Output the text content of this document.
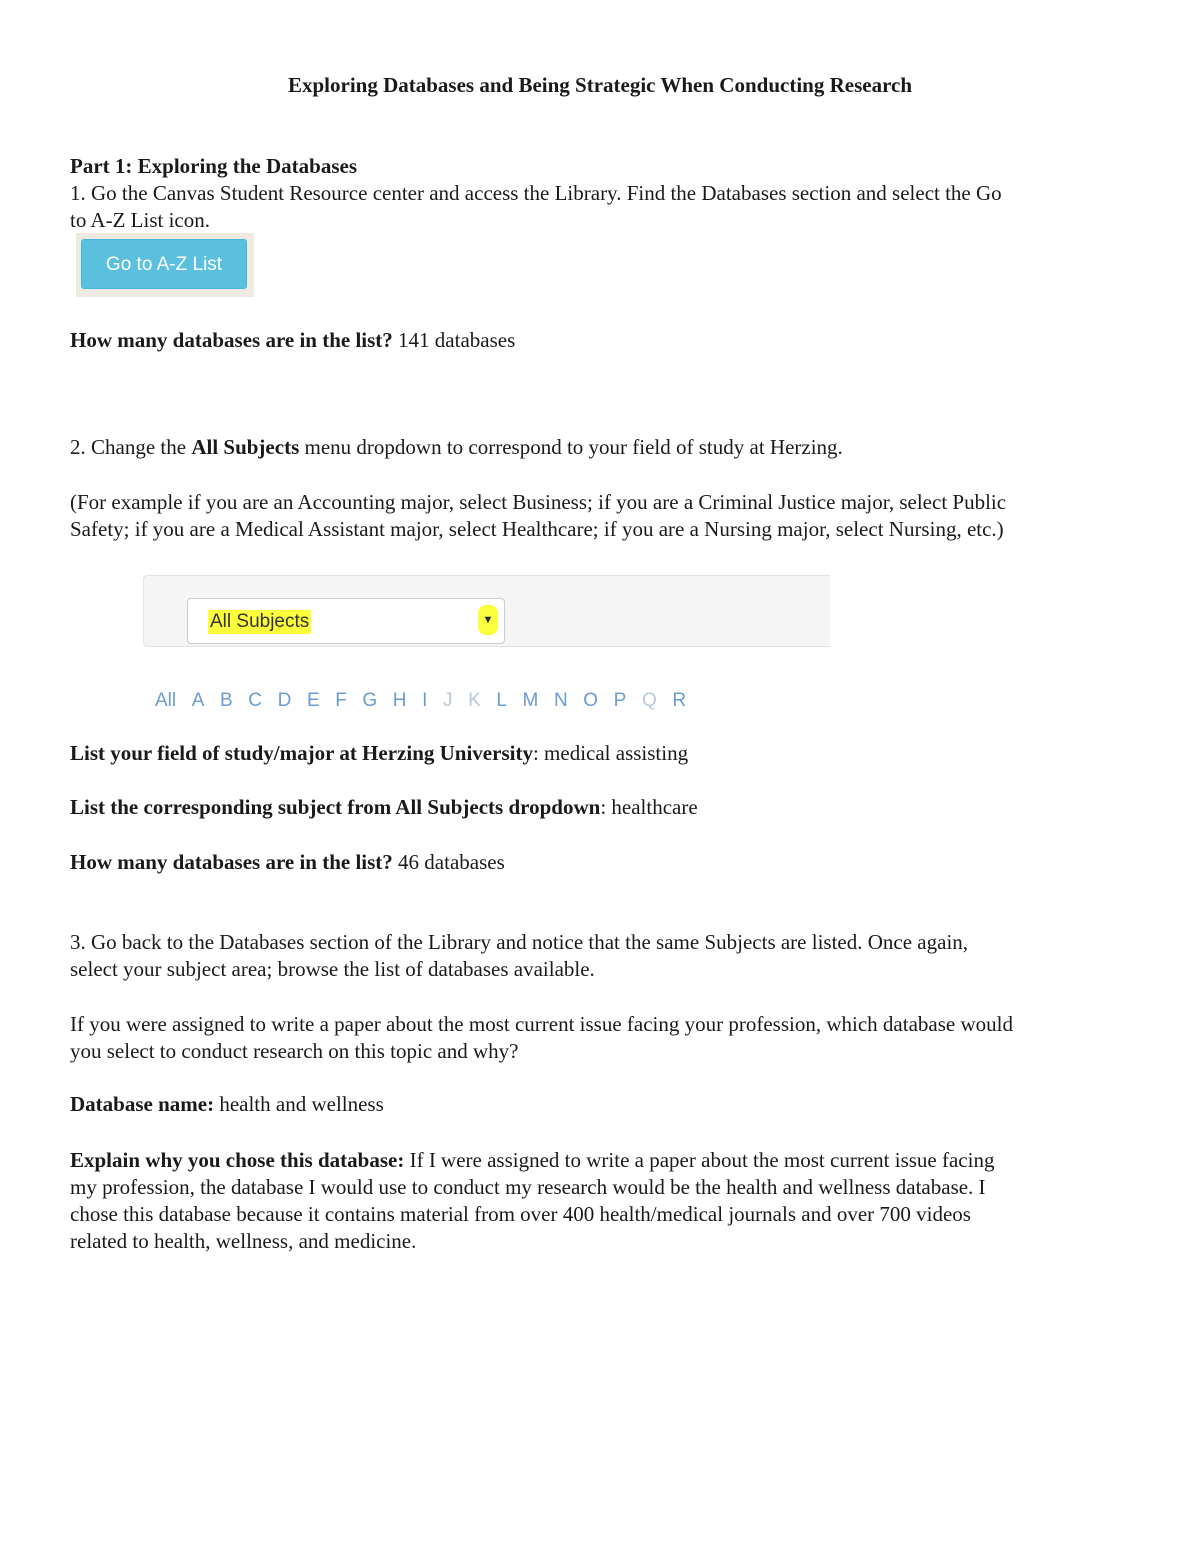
Exploring Databases and Being Strategic When Conducting Research
Part 1: Exploring the Databases
1. Go the Canvas Student Resource center and access the Library. Find the Databases section and select the Go
to A-Z List icon.
Go to A-Z List
How many databases are in the list? 141 databases
2. Change the All Subjects menu dropdown to correspond to your field of study at Herzing.
(For example if you are an Accounting major, select Business; if you are a Criminal Justice major, select Public
Safety; if you are a Medical Assistant major, select Healthcare; if you are a Nursing major, select Nursing, etc.)
All Subjects	▼
All A B C D E F G H I J K L M N O P Q R
List your field of study/major at Herzing University: medical assisting
List the corresponding subject from All Subjects dropdown: healthcare
How many databases are in the list? 46 databases
3. Go back to the Databases section of the Library and notice that the same Subjects are listed. Once again,
select your subject area; browse the list of databases available.
If you were assigned to write a paper about the most current issue facing your profession, which database would
you select to conduct research on this topic and why?
Database name: health and wellness
Explain why you chose this database: If I were assigned to write a paper about the most current issue facing
my profession, the database I would use to conduct my research would be the health and wellness database. I
chose this database because it contains material from over 400 health/medical journals and over 700 videos
related to health, wellness, and medicine.
